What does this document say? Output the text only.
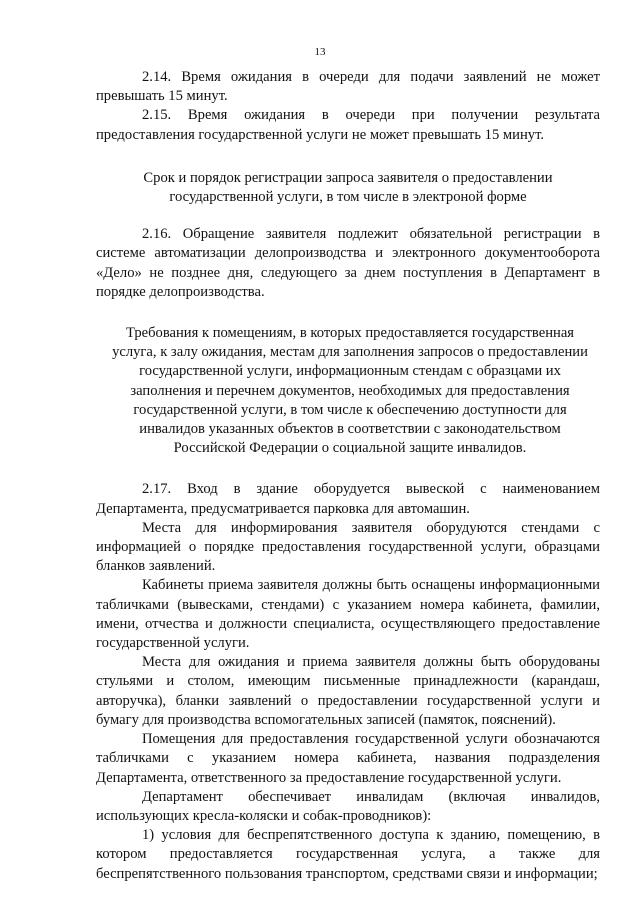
13

2.14. Время ожидания в очереди для подачи заявлений не может превышать 15 минут.

2.15. Время ожидания в очереди при получении результата предоставления государственной услуги не может превышать 15 минут.

Срок и порядок регистрации запроса заявителя о предоставлении государственной услуги, в том числе в электроной форме

2.16. Обращение заявителя подлежит обязательной регистрации в системе автоматизации делопроизводства и электронного документооборота «Дело» не позднее дня, следующего за днем поступления в Департамент в порядке делопроизводства.

Требования к помещениям, в которых предоставляется государственная услуга, к залу ожидания, местам для заполнения запросов о предоставлении государственной услуги, информационным стендам с образцами их заполнения и перечнем документов, необходимых для предоставления государственной услуги, в том числе к обеспечению доступности для инвалидов указанных объектов в соответствии с законодательством Российской Федерации о социальной защите инвалидов.

2.17. Вход в здание оборудуется вывеской с наименованием Департамента, предусматривается парковка для автомашин.

Места для информирования заявителя оборудуются стендами с информацией о порядке предоставления государственной услуги, образцами бланков заявлений.

Кабинеты приема заявителя должны быть оснащены информационными табличками (вывесками, стендами) с указанием номера кабинета, фамилии, имени, отчества и должности специалиста, осуществляющего предоставление государственной услуги.

Места для ожидания и приема заявителя должны быть оборудованы стульями и столом, имеющим письменные принадлежности (карандаш, авторучка), бланки заявлений о предоставлении государственной услуги и бумагу для производства вспомогательных записей (памяток, пояснений).

Помещения для предоставления государственной услуги обозначаются табличками с указанием номера кабинета, названия подразделения Департамента, ответственного за предоставление государственной услуги.

Департамент обеспечивает инвалидам (включая инвалидов, использующих кресла-коляски и собак-проводников):

1) условия для беспрепятственного доступа к зданию, помещению, в котором предоставляется государственная услуга, а также для беспрепятственного пользования транспортом, средствами связи и информации;
